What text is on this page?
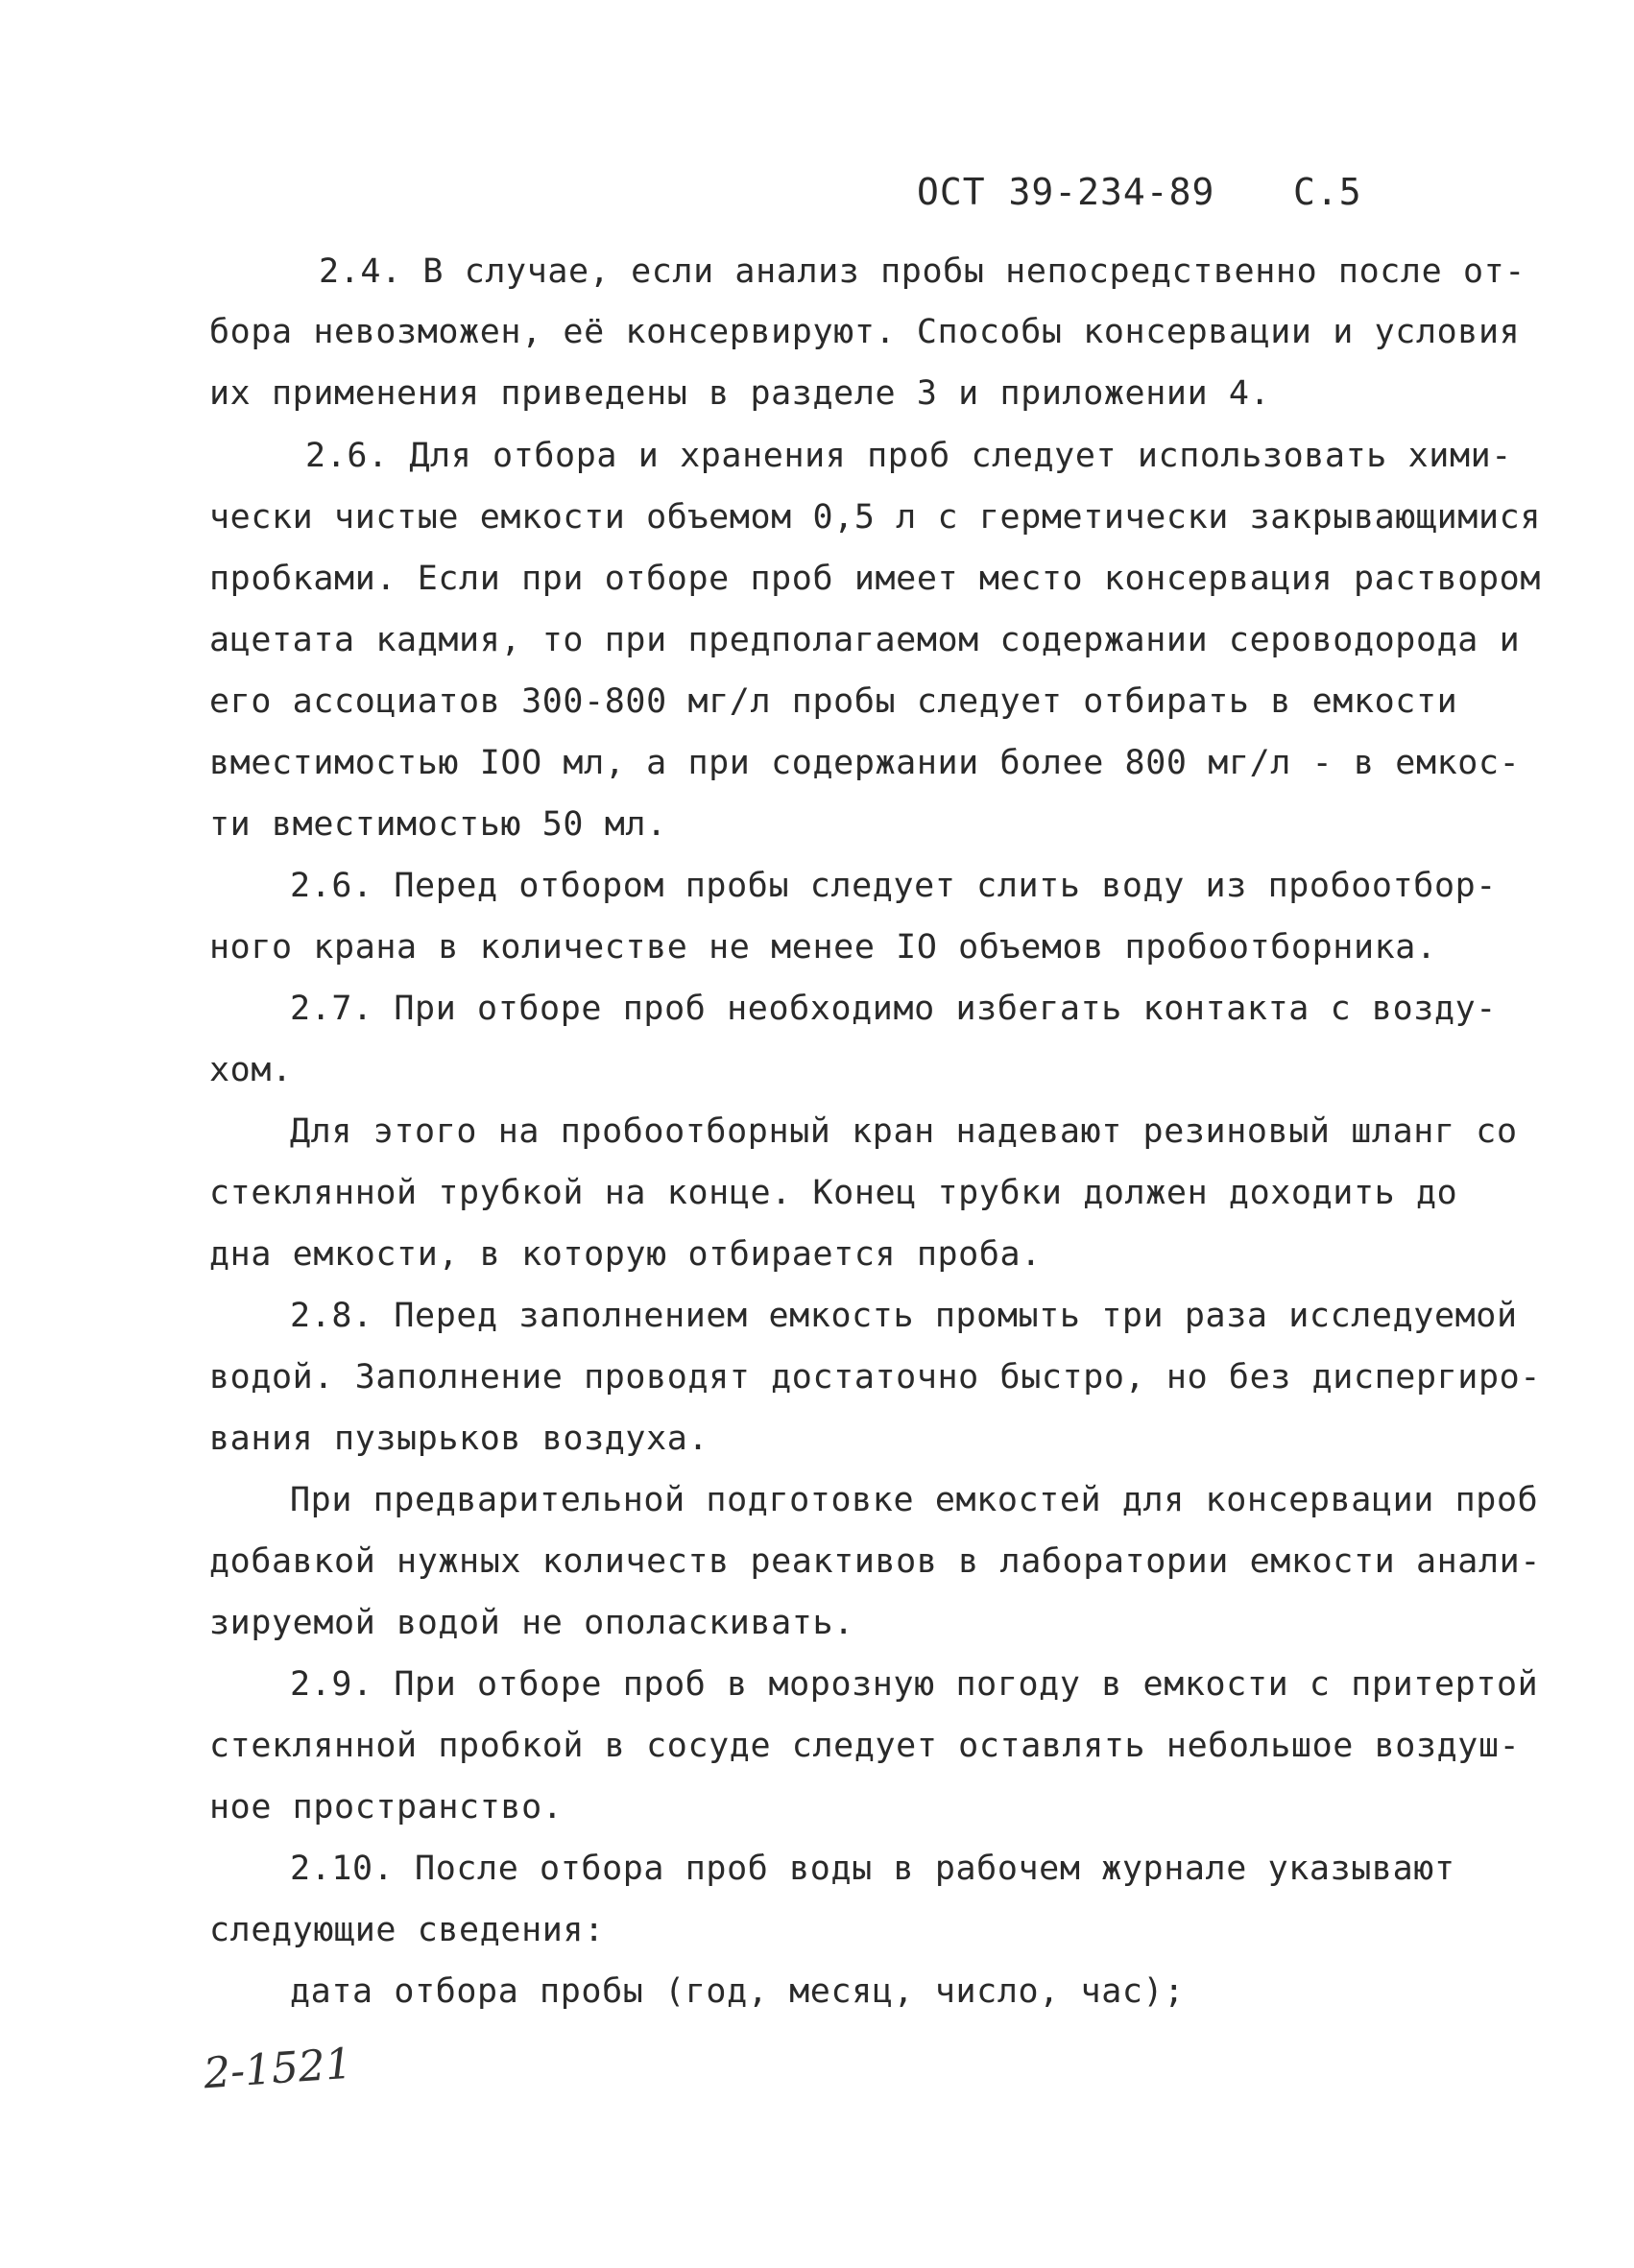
ОСТ 39-234-89 С.5
2.4. В случае, если анализ пробы непосредственно после от-
бора невозможен, её консервируют. Способы консервации и условия
их применения приведены в разделе 3 и приложении 4.
2.6. Для отбора и хранения проб следует использовать хими-
чески чистые емкости объемом 0,5 л с герметически закрывающимися
пробками. Если при отборе проб имеет место консервация раствором
ацетата кадмия, то при предполагаемом содержании сероводорода и
его ассоциатов 300-800 мг/л пробы следует отбирать в емкости
вместимостью IOO мл, а при содержании более 800 мг/л - в емкос-
ти вместимостью 50 мл.
2.6. Перед отбором пробы следует слить воду из пробоотбор-
ного крана в количестве не менее IO объемов пробоотборника.
2.7. При отборе проб необходимо избегать контакта с возду-
хом.
Для этого на пробоотборный кран надевают резиновый шланг со
стеклянной трубкой на конце. Конец трубки должен доходить до
дна емкости, в которую отбирается проба.
2.8. Перед заполнением емкость промыть три раза исследуемой
водой. Заполнение проводят достаточно быстро, но без диспергиро-
вания пузырьков воздуха.
При предварительной подготовке емкостей для консервации проб
добавкой нужных количеств реактивов в лаборатории емкости анали-
зируемой водой не ополаскивать.
2.9. При отборе проб в морозную погоду в емкости с притертой
стеклянной пробкой в сосуде следует оставлять небольшое воздуш-
ное пространство.
2.10. После отбора проб воды в рабочем журнале указывают
следующие сведения:
дата отбора пробы (год, месяц, число, час);
2-1521
